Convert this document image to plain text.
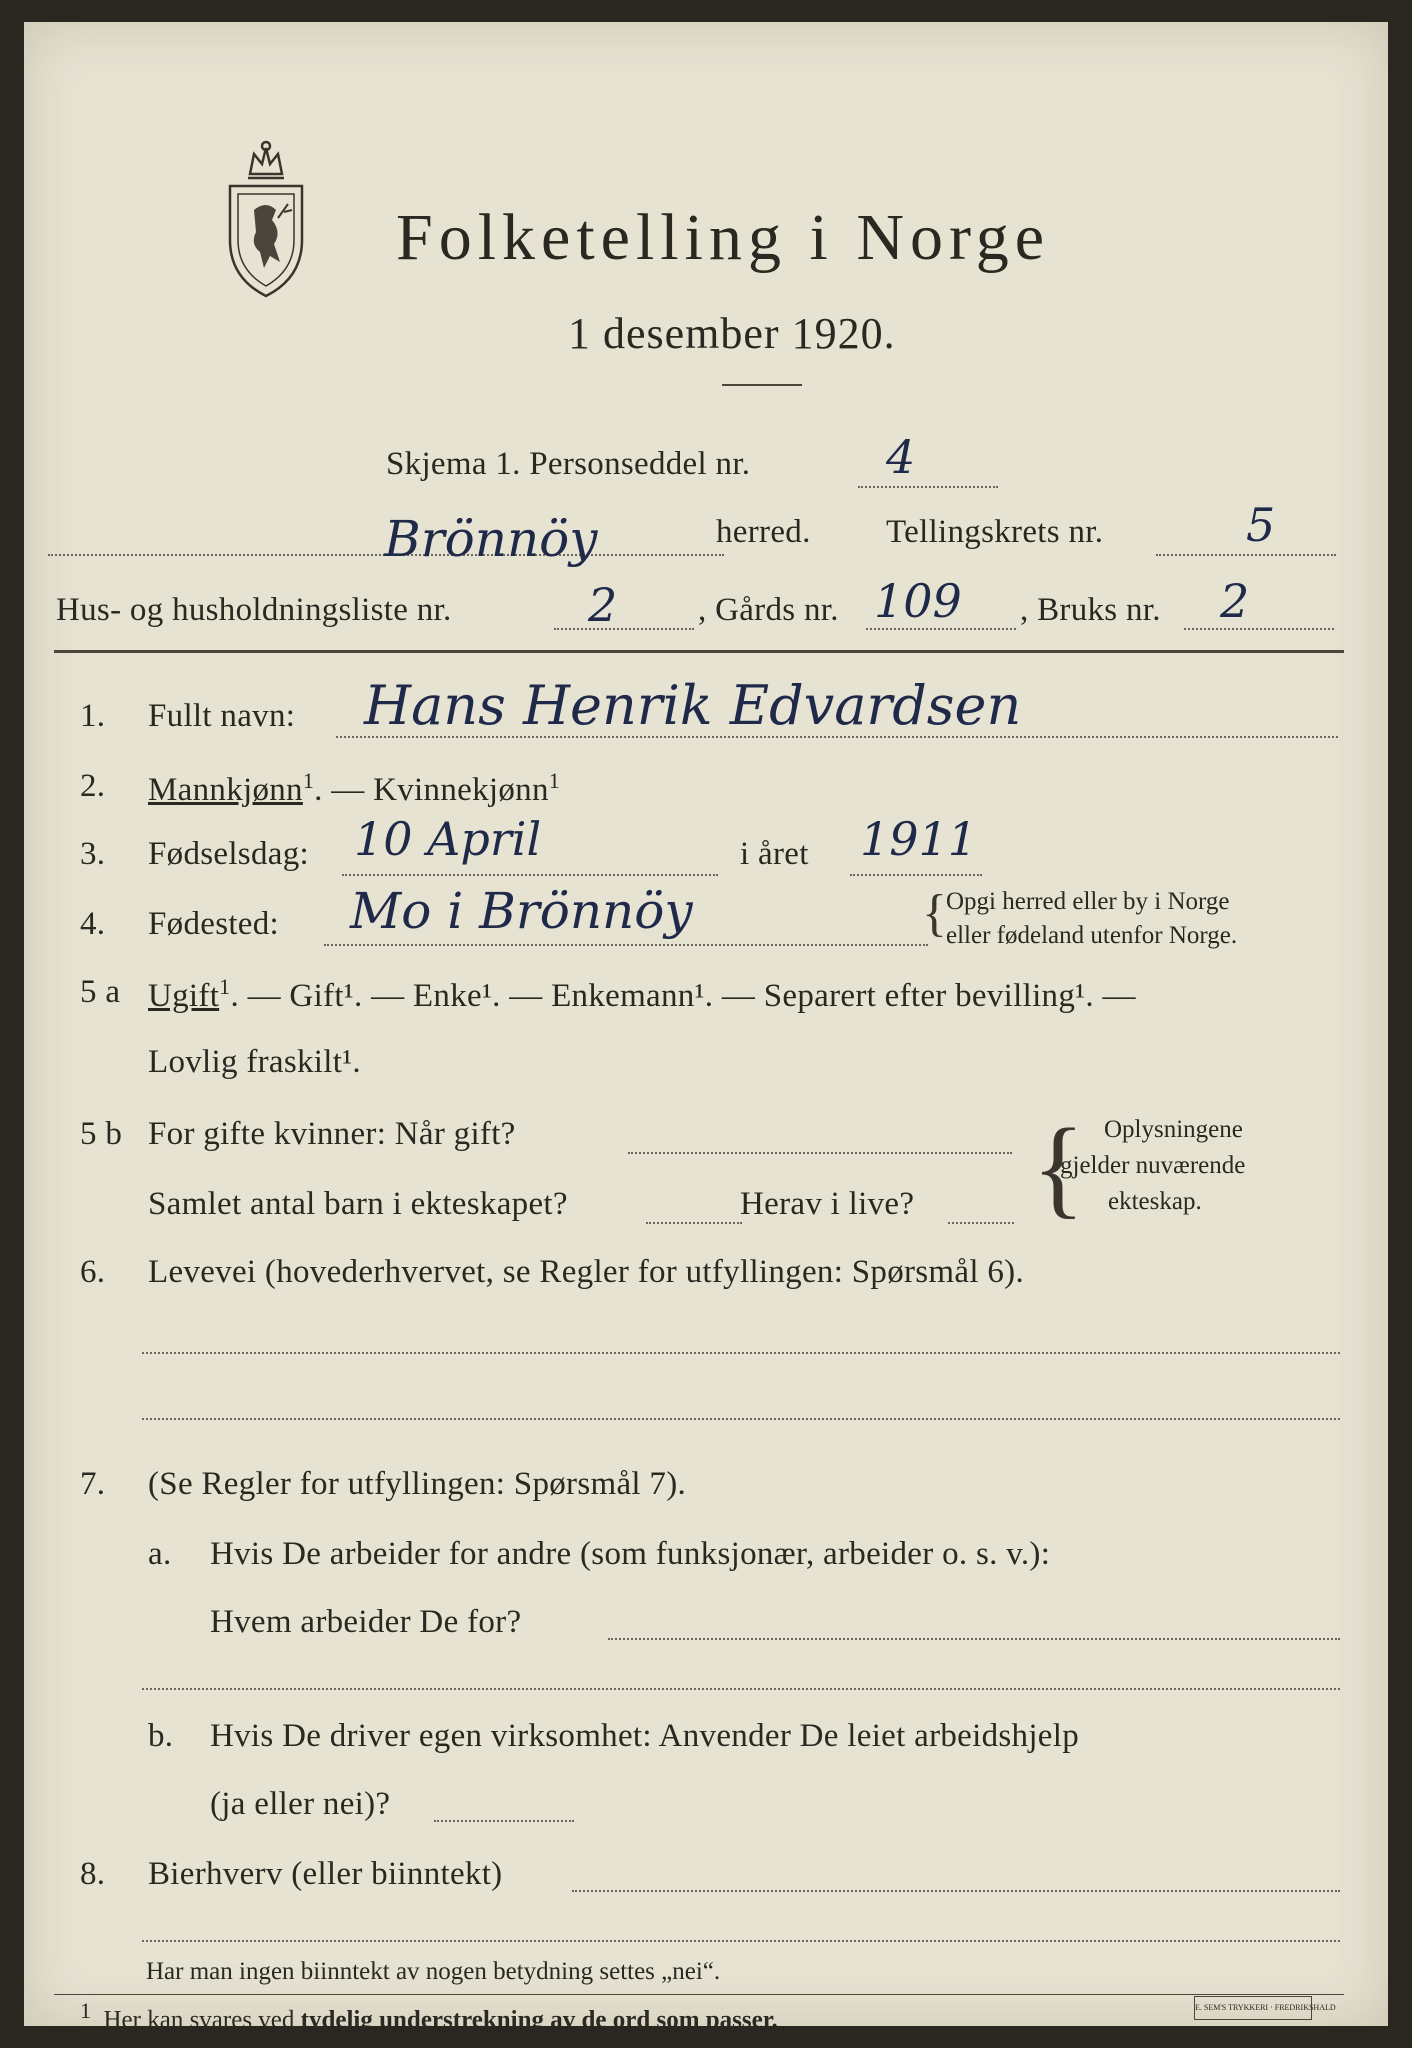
Folketelling i Norge
1 desember 1920.
Skjema 1. Personseddel nr.	4
Brönnöy	herred. Tellingskrets nr.	5
Hus- og husholdningsliste nr.	2 , Gårds nr. 109 , Bruks nr. 2
1. Fullt navn: Hans Henrik Edvardsen
2. Mannkjønn$^1$. — Kvinnekjønn$^1$
3. Fødselsdag: 10 April	i året 1911
4. Fødested: Mo i Brönnöy	{ Opgi herred eller by i Norge
eller fødeland utenfor Norge.
5 a Ugift$^1$. — Gift¹. — Enke¹. — Enkemann¹. — Separert efter bevilling¹. —
Lovlig fraskilt¹.
5 b For gifte kvinner: Når gift?
Samlet antal barn i ekteskapet?	Herav i live? { Oplysningene
gjelder nuværende
ekteskap.
6. Levevei (hovederhvervet, se Regler for utfyllingen: Spørsmål 6).
7. (Se Regler for utfyllingen: Spørsmål 7).
a. Hvis De arbeider for andre (som funksjonær, arbeider o. s. v.):
Hvem arbeider De for?
b. Hvis De driver egen virksomhet: Anvender De leiet arbeidshjelp
(ja eller nei)?
8. Bierhverv (eller biinntekt)
Har man ingen biinntekt av nogen betydning settes „nei“.
$^1$ Her kan svares ved tydelig understrekning av de ord som passer.	E. SEM'S TRYKKERI · FREDRIKSHALD
